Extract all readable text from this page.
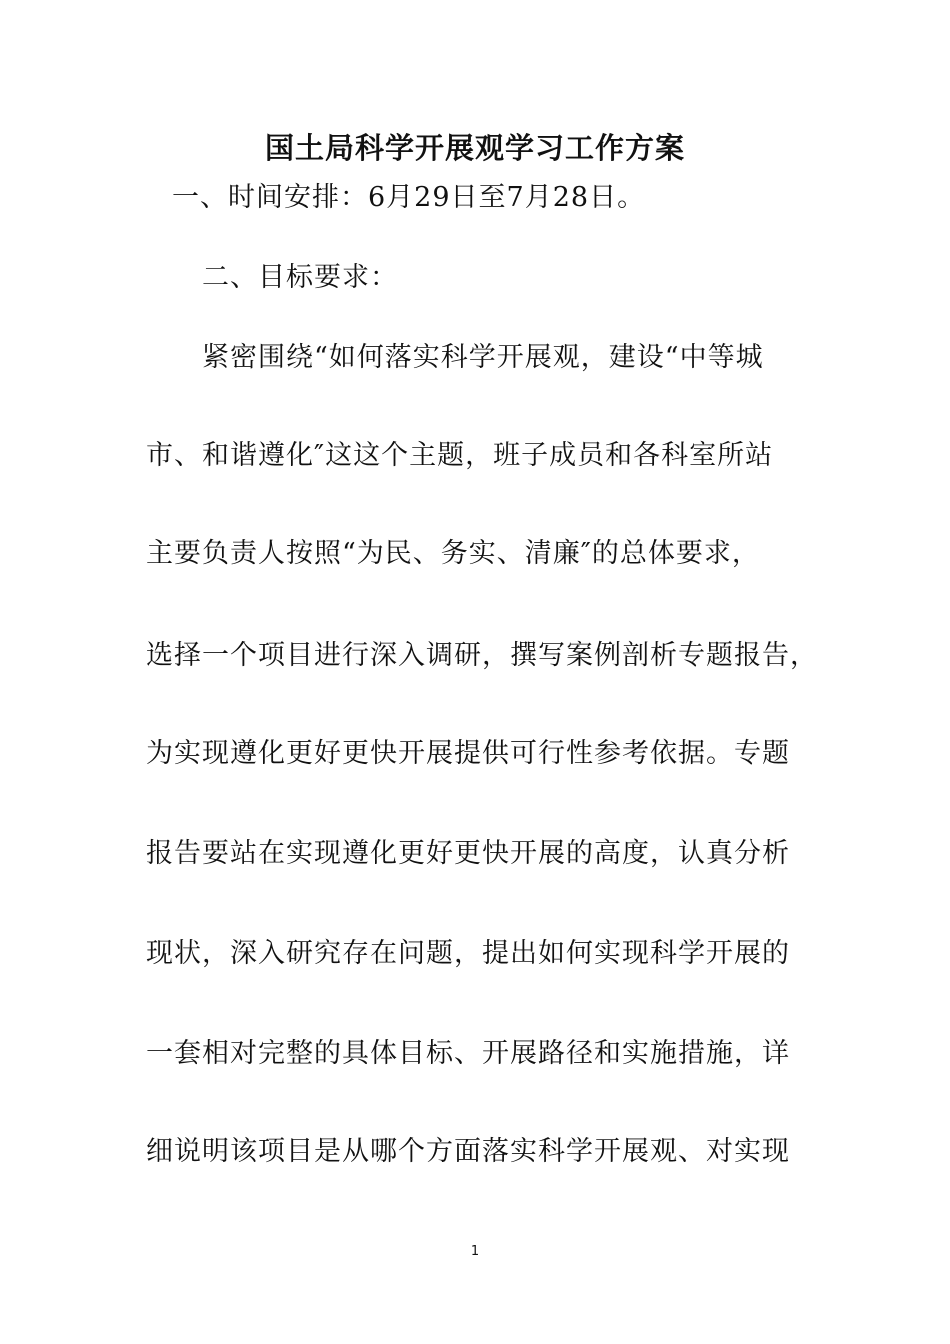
国土局科学开展观学习工作方案
一、时间安排：6月29日至7月28日。
二、目标要求：
紧密围绕“如何落实科学开展观，建设“中等城
市、和谐遵化″这这个主题，班子成员和各科室所站
主要负责人按照“为民、务实、清廉″的总体要求，
选择一个项目进行深入调研，撰写案例剖析专题报告，
为实现遵化更好更快开展提供可行性参考依据。专题
报告要站在实现遵化更好更快开展的高度，认真分析
现状，深入研究存在问题，提出如何实现科学开展的
一套相对完整的具体目标、开展路径和实施措施，详
细说明该项目是从哪个方面落实科学开展观、对实现
1
